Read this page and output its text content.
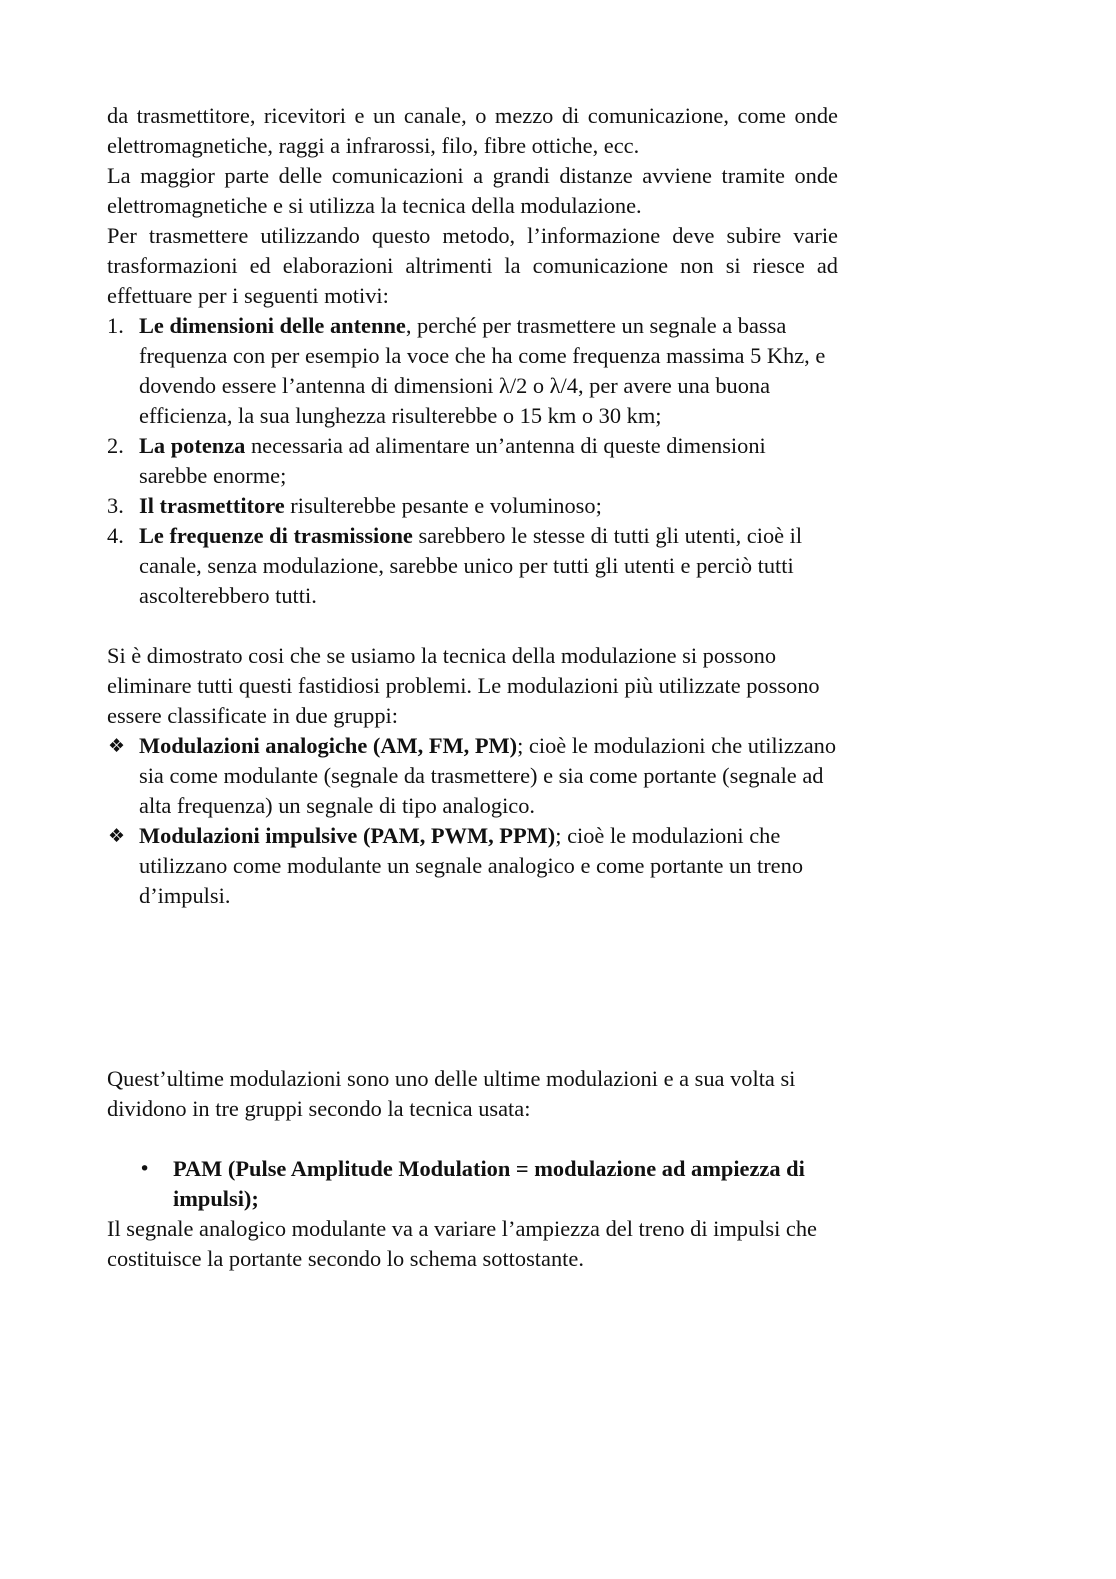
da trasmettitore, ricevitori e un canale, o mezzo di comunicazione, come onde elettromagnetiche, raggi a infrarossi, filo, fibre ottiche, ecc.

La maggior parte delle comunicazioni a grandi distanze avviene tramite onde elettromagnetiche e si utilizza la tecnica della modulazione.

Per trasmettere utilizzando questo metodo, l’informazione deve subire varie trasformazioni ed elaborazioni altrimenti la comunicazione non si riesce ad effettuare per i seguenti motivi:

1. Le dimensioni delle antenne, perché per trasmettere un segnale a bassa frequenza con per esempio la voce che ha come frequenza massima 5 Khz, e dovendo essere l’antenna di dimensioni λ/2 o λ/4, per avere una buona efficienza, la sua lunghezza risulterebbe o 15 km o 30 km;
2. La potenza necessaria ad alimentare un’antenna di queste dimensioni sarebbe enorme;
3. Il trasmettitore risulterebbe pesante e voluminoso;
4. Le frequenze di trasmissione sarebbero le stesse di tutti gli utenti, cioè il canale, senza modulazione, sarebbe unico per tutti gli utenti e perciò tutti ascolterebbero tutti.

Si è dimostrato cosi che se usiamo la tecnica della modulazione si possono eliminare tutti questi fastidiosi problemi. Le modulazioni più utilizzate possono essere classificate in due gruppi:

❖ Modulazioni analogiche (AM, FM, PM); cioè le modulazioni che utilizzano sia come modulante (segnale da trasmettere) e sia come portante (segnale ad alta frequenza) un segnale di tipo analogico.
❖ Modulazioni impulsive (PAM, PWM, PPM); cioè le modulazioni che utilizzano come modulante un segnale analogico e come portante un treno d’impulsi.

Quest’ultime modulazioni sono uno delle ultime modulazioni e a sua volta si dividono in tre gruppi secondo la tecnica usata:

• PAM (Pulse Amplitude Modulation = modulazione ad ampiezza di impulsi);

Il segnale analogico modulante va a variare l’ampiezza del treno di impulsi che costituisce la portante secondo lo schema sottostante.
